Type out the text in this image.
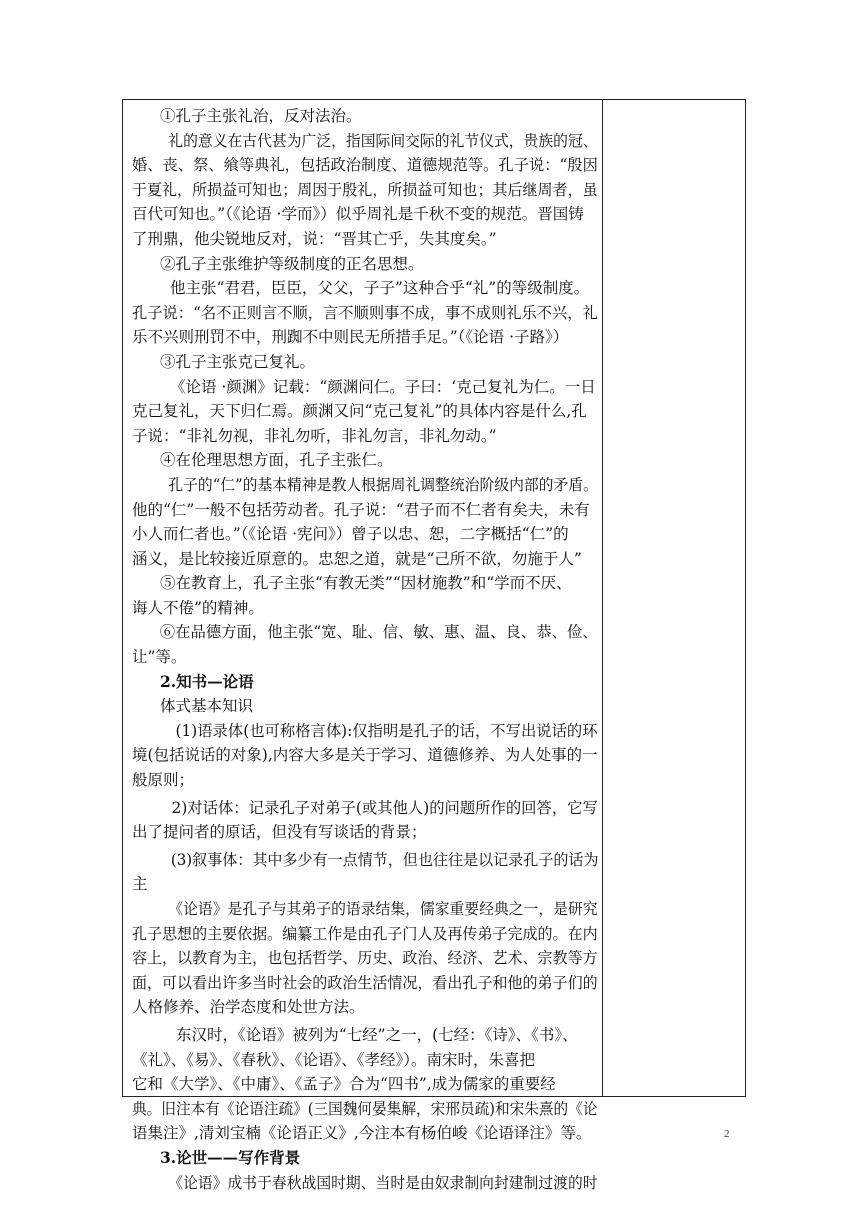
①孔子主张礼治，反对法治。
礼的意义在古代甚为广泛，指国际间交际的礼节仪式，贵族的冠、
婚、丧、祭、飨等典礼，包括政治制度、道德规范等。孔子说：“殷因
于夏礼，所损益可知也；周因于殷礼，所损益可知也；其后继周者，虽
百代可知也。”（《论语 ·学而》）似乎周礼是千秋不变的规范。晋国铸
了刑鼎，他尖锐地反对，说：“晋其亡乎，失其度矣。”
②孔子主张维护等级制度的正名思想。
他主张“君君，臣臣，父父，子子”这种合乎“礼”的等级制度。
孔子说：“名不正则言不顺，言不顺则事不成，事不成则礼乐不兴，礼
乐不兴则刑罚不中，刑踟不中则民无所措手足。”（《论语 ·子路》）
③孔子主张克己复礼。
《论语 ·颜渊》记载：“颜渊问仁。子曰：‘克己复礼为仁。一日
克己复礼，天下归仁焉。颜渊又问“克己复礼”的具体内容是什么,孔
子说：“非礼勿视，非礼勿听，非礼勿言，非礼勿动。”
④在伦理思想方面，孔子主张仁。
孔子的“仁”的基本精神是教人根据周礼调整统治阶级内部的矛盾。
他的“仁”一般不包括劳动者。孔子说：“君子而不仁者有矣夫，未有
小人而仁者也。”（《论语 ·宪问》）曾子以忠、恕，二字概括“仁”的
涵义，是比较接近原意的。忠恕之道，就是“己所不欲，勿施于人”
⑤在教育上，孔子主张“有教无类”“因材施教”和“学而不厌、
诲人不倦”的精神。
⑥在品德方面，他主张“宽、耻、信、敏、惠、温、良、恭、俭、
让”等。
2.知书—论语
体式基本知识
(1)语录体(也可称格言体):仅指明是孔子的话，不写出说话的环
境(包括说话的对象),内容大多是关于学习、道德修养、为人处事的一
般原则；
2)对话体：记录孔子对弟子(或其他人)的问题所作的回答，它写
出了提问者的原话，但没有写谈话的背景；
(3)叙事体：其中多少有一点情节，但也往往是以记录孔子的话为
主
《论语》是孔子与其弟子的语录结集，儒家重要经典之一，是研究
孔子思想的主要依据。编纂工作是由孔子门人及再传弟子完成的。在内
容上，以教育为主，也包括哲学、历史、政治、经济、艺术、宗教等方
面，可以看出许多当时社会的政治生活情况，看出孔子和他的弟子们的
人格修养、治学态度和处世方法。
东汉时，《论语》被列为“七经”之一，(七经：《诗》、《书》、
《礼》、《易》、《春秋》、《论语》、《孝经》）。南宋时，朱喜把
它和《大学》、《中庸》、《孟子》合为“四书”,成为儒家的重要经
典。旧注本有《论语注疏》(三国魏何晏集解，宋邢员疏)和宋朱熹的《论
语集注》,清刘宝楠《论语正义》,今注本有杨伯峻《论语译注》等。
3.论世——写作背景
《论语》成书于春秋战国时期、当时是由奴隶制向封建制过渡的时
2
